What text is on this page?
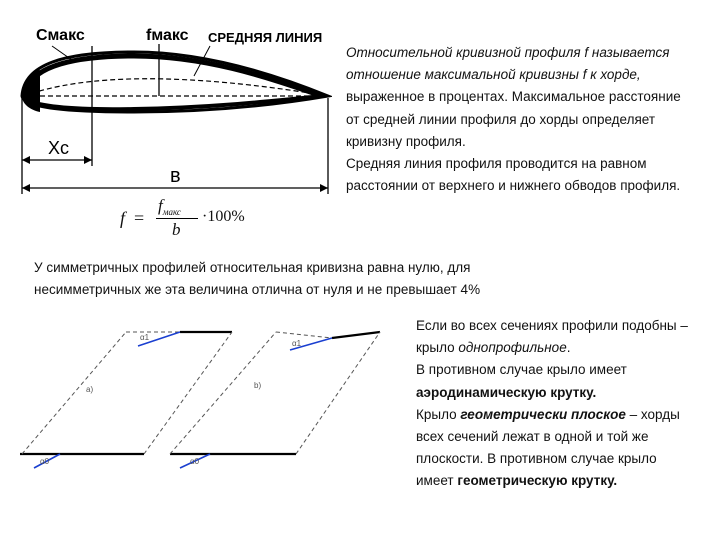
Смакс	fмакс СРЕДНЯЯ ЛИНИЯ
Хс
в
f =
$f_{макс}$
b
·100%
Относительной кривизной профиля f называется отношение максимальной кривизны f к хорде, выраженное в процентах. Максимальное расстояние от средней линии профиля до хорды определяет кривизну профиля.
Средняя линия профиля проводится на равном расстоянии от верхнего и нижнего обводов профиля.
У симметричных профилей относительная кривизна равна нулю, для
несимметричных же эта величина отлична от нуля и не превышает 4%
a)
α1
α0
b)
α1
α0
Если во всех сечениях профили подобны – крыло однопрофильное.
В противном случае крыло имеет аэродинамическую крутку.
Крыло геометрически плоское – хорды всех сечений лежат в одной и той же плоскости. В противном случае крыло имеет геометрическую крутку.
